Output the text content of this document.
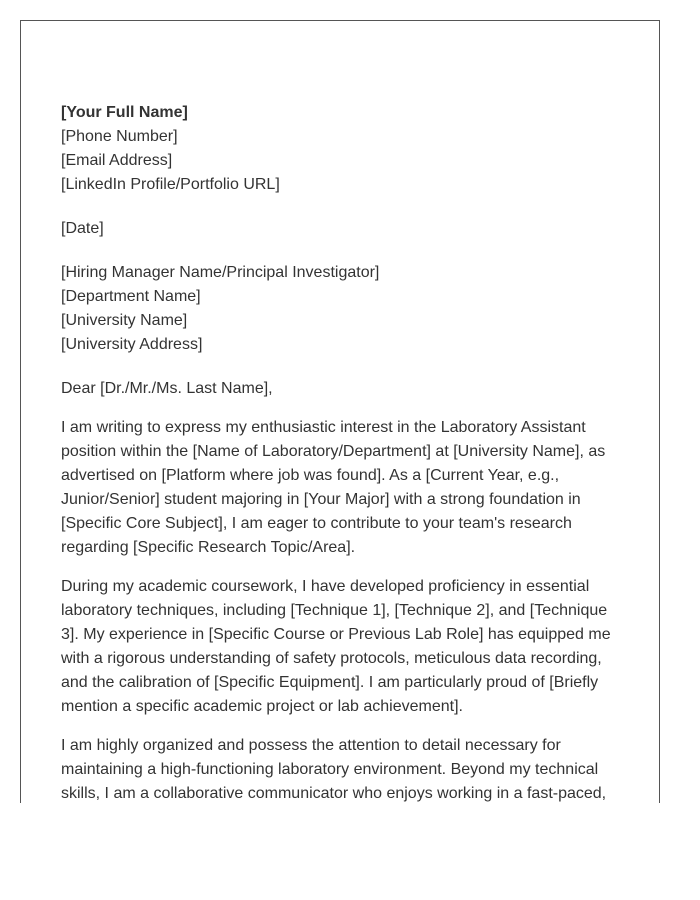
[Your Full Name]
[Phone Number]
[Email Address]
[LinkedIn Profile/Portfolio URL]
[Date]
[Hiring Manager Name/Principal Investigator]
[Department Name]
[University Name]
[University Address]
Dear [Dr./Mr./Ms. Last Name],

I am writing to express my enthusiastic interest in the Laboratory Assistant position within the [Name of Laboratory/Department] at [University Name], as advertised on [Platform where job was found]. As a [Current Year, e.g., Junior/Senior] student majoring in [Your Major] with a strong foundation in [Specific Core Subject], I am eager to contribute to your team's research regarding [Specific Research Topic/Area].

During my academic coursework, I have developed proficiency in essential laboratory techniques, including [Technique 1], [Technique 2], and [Technique 3]. My experience in [Specific Course or Previous Lab Role] has equipped me with a rigorous understanding of safety protocols, meticulous data recording, and the calibration of [Specific Equipment]. I am particularly proud of [Briefly mention a specific academic project or lab achievement].

I am highly organized and possess the attention to detail necessary for maintaining a high-functioning laboratory environment. Beyond my technical skills, I am a collaborative communicator who enjoys working in a fast-paced,
